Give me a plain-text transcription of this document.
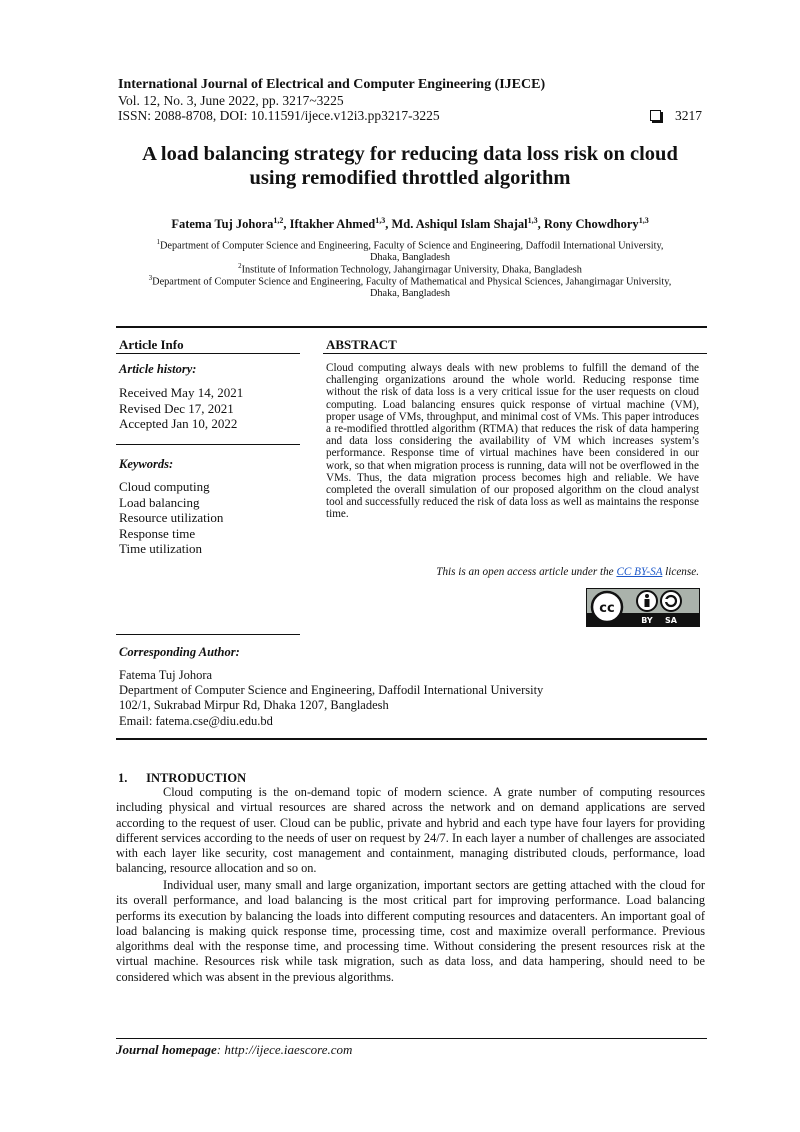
International Journal of Electrical and Computer Engineering (IJECE)
Vol. 12, No. 3, June 2022, pp. 3217~3225
ISSN: 2088-8708, DOI: 10.11591/ijece.v12i3.pp3217-3225	3217
A load balancing strategy for reducing data loss risk on cloud
using remodified throttled algorithm
Fatema Tuj Johora$^{1,2}$, Iftakher Ahmed$^{1,3}$, Md. Ashiqul Islam Shajal$^{1,3}$, Rony Chowdhory$^{1,3}$
$^1$Department of Computer Science and Engineering, Faculty of Science and Engineering, Daffodil International University,
Dhaka, Bangladesh
$^2$Institute of Information Technology, Jahangirnagar University, Dhaka, Bangladesh
$^3$Department of Computer Science and Engineering, Faculty of Mathematical and Physical Sciences, Jahangirnagar University,
Dhaka, Bangladesh
Article Info	ABSTRACT
Article history:
Received May 14, 2021
Revised Dec 17, 2021
Accepted Jan 10, 2022
Keywords:
Cloud computing
Load balancing
Resource utilization
Response time
Time utilization
Cloud computing always deals with new problems to fulfill the demand of the challenging organizations around the whole world. Reducing response time without the risk of data loss is a very critical issue for the user requests on cloud computing. Load balancing ensures quick response of virtual machine (VM), proper usage of VMs, throughput, and minimal cost of VMs. This paper introduces a re-modified throttled algorithm (RTMA) that reduces the risk of data hampering and data loss considering the availability of VM which increases system’s performance. Response time of virtual machines have been considered in our work, so that when migration process is running, data will not be overflowed in the VMs. Thus, the data migration process becomes high and reliable. We have completed the overall simulation of our proposed algorithm on the cloud analyst tool and successfully reduced the risk of data loss as well as maintains the response time.
This is an open access article under the CC BY-SA license.
cc
BY SA
Corresponding Author:
Fatema Tuj Johora
Department of Computer Science and Engineering, Daffodil International University
102/1, Sukrabad Mirpur Rd, Dhaka 1207, Bangladesh
Email: fatema.cse@diu.edu.bd
1.      INTRODUCTION
Cloud computing is the on-demand topic of modern science. A grate number of computing resources including physical and virtual resources are shared across the network and on demand applications are served according to the request of user. Cloud can be public, private and hybrid and each type have four layers for providing different services according to the needs of user on request by 24/7. In each layer a number of challenges are associated with each layer like security, cost management and containment, managing distributed clouds, performance, load balancing, resource allocation and so on.
Individual user, many small and large organization, important sectors are getting attached with the cloud for its overall performance, and load balancing is the most critical part for improving performance. Load balancing performs its execution by balancing the loads into different computing resources and datacenters. An important goal of load balancing is making quick response time, processing time, cost and maximize overall performance. Previous algorithms deal with the response time, and processing time. Without considering the present resources risk at the virtual machine. Resources risk while task migration, such as data loss, and data hampering, should need to be considered which was absent in the previous algorithms.
Journal homepage: http://ijece.iaescore.com
